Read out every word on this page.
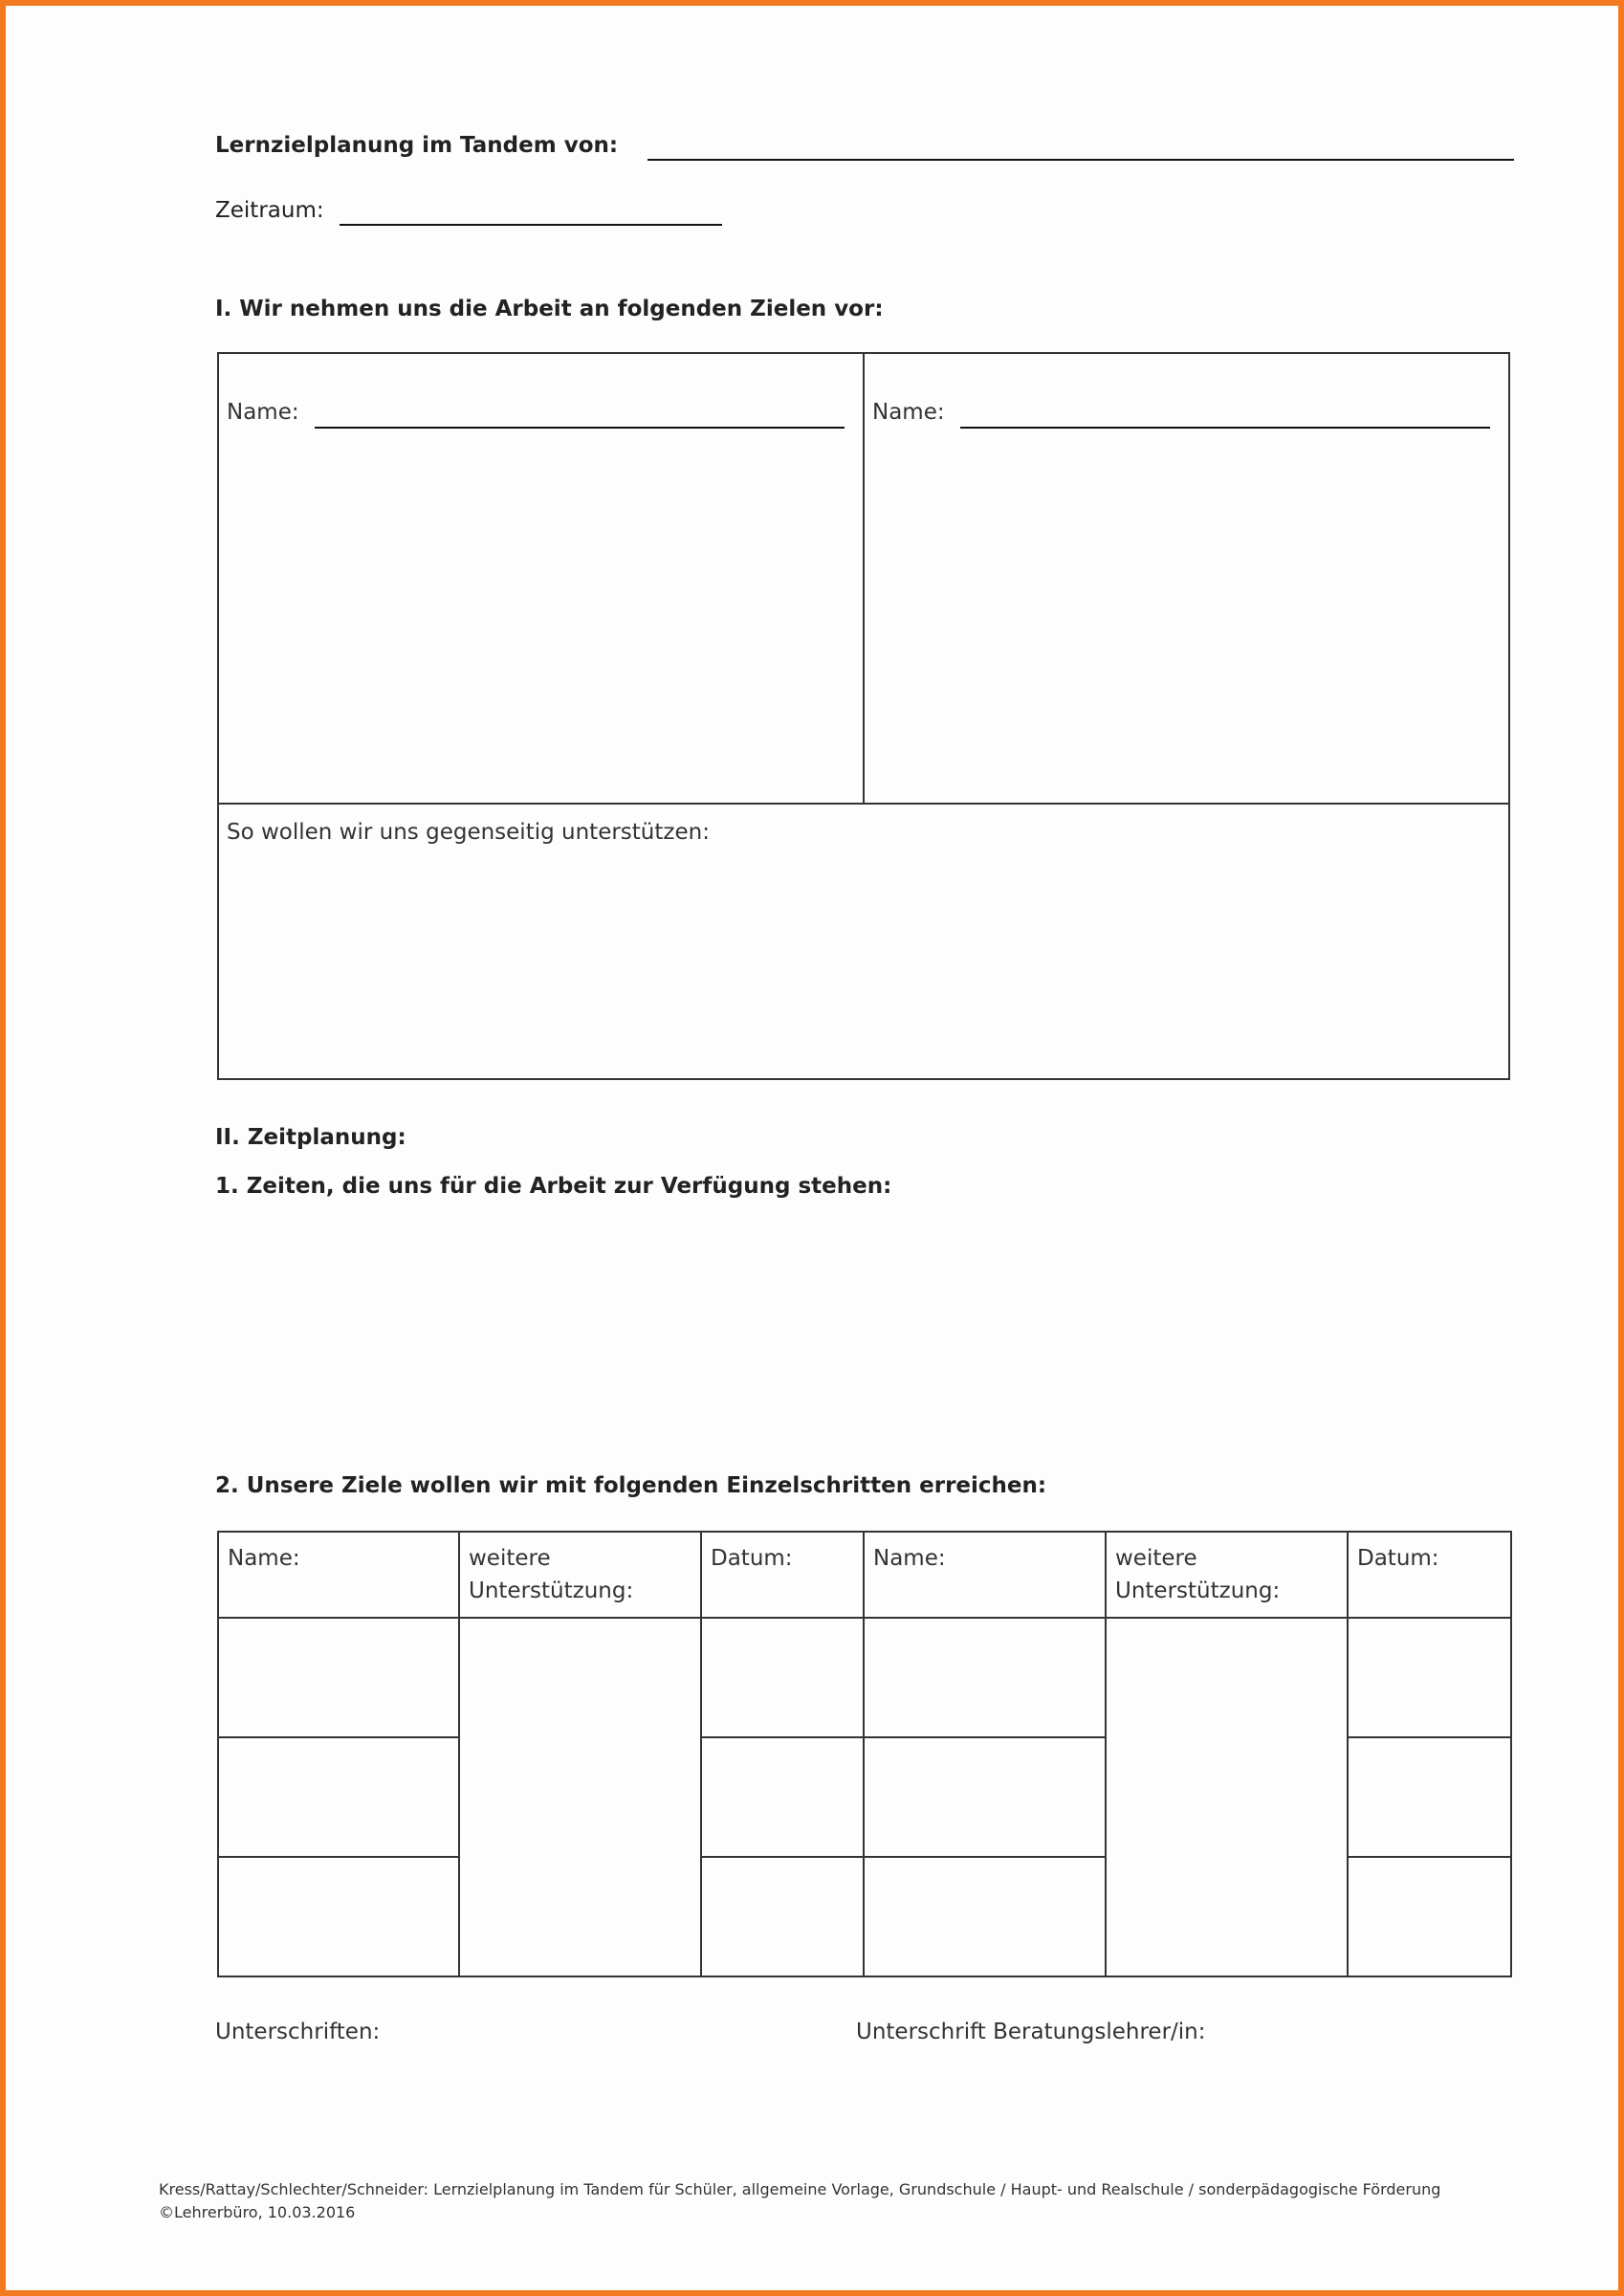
Lernzielplanung im Tandem von:
Zeitraum:
I. Wir nehmen uns die Arbeit an folgenden Zielen vor:
Name:	Name:

So wollen wir uns gegenseitig unterstützen:
II. Zeitplanung:
1. Zeiten, die uns für die Arbeit zur Verfügung stehen:
2. Unsere Ziele wollen wir mit folgenden Einzelschritten erreichen:
Name:	weitere Unterstützung:	Datum:	Name:	weitere Unterstützung:	Datum:

Unterschriften:	Unterschrift Beratungslehrer/in:
Kress/Rattay/Schlechter/Schneider: Lernzielplanung im Tandem für Schüler, allgemeine Vorlage, Grundschule / Haupt- und Realschule / sonderpädagogische Förderung
©Lehrerbüro, 10.03.2016
